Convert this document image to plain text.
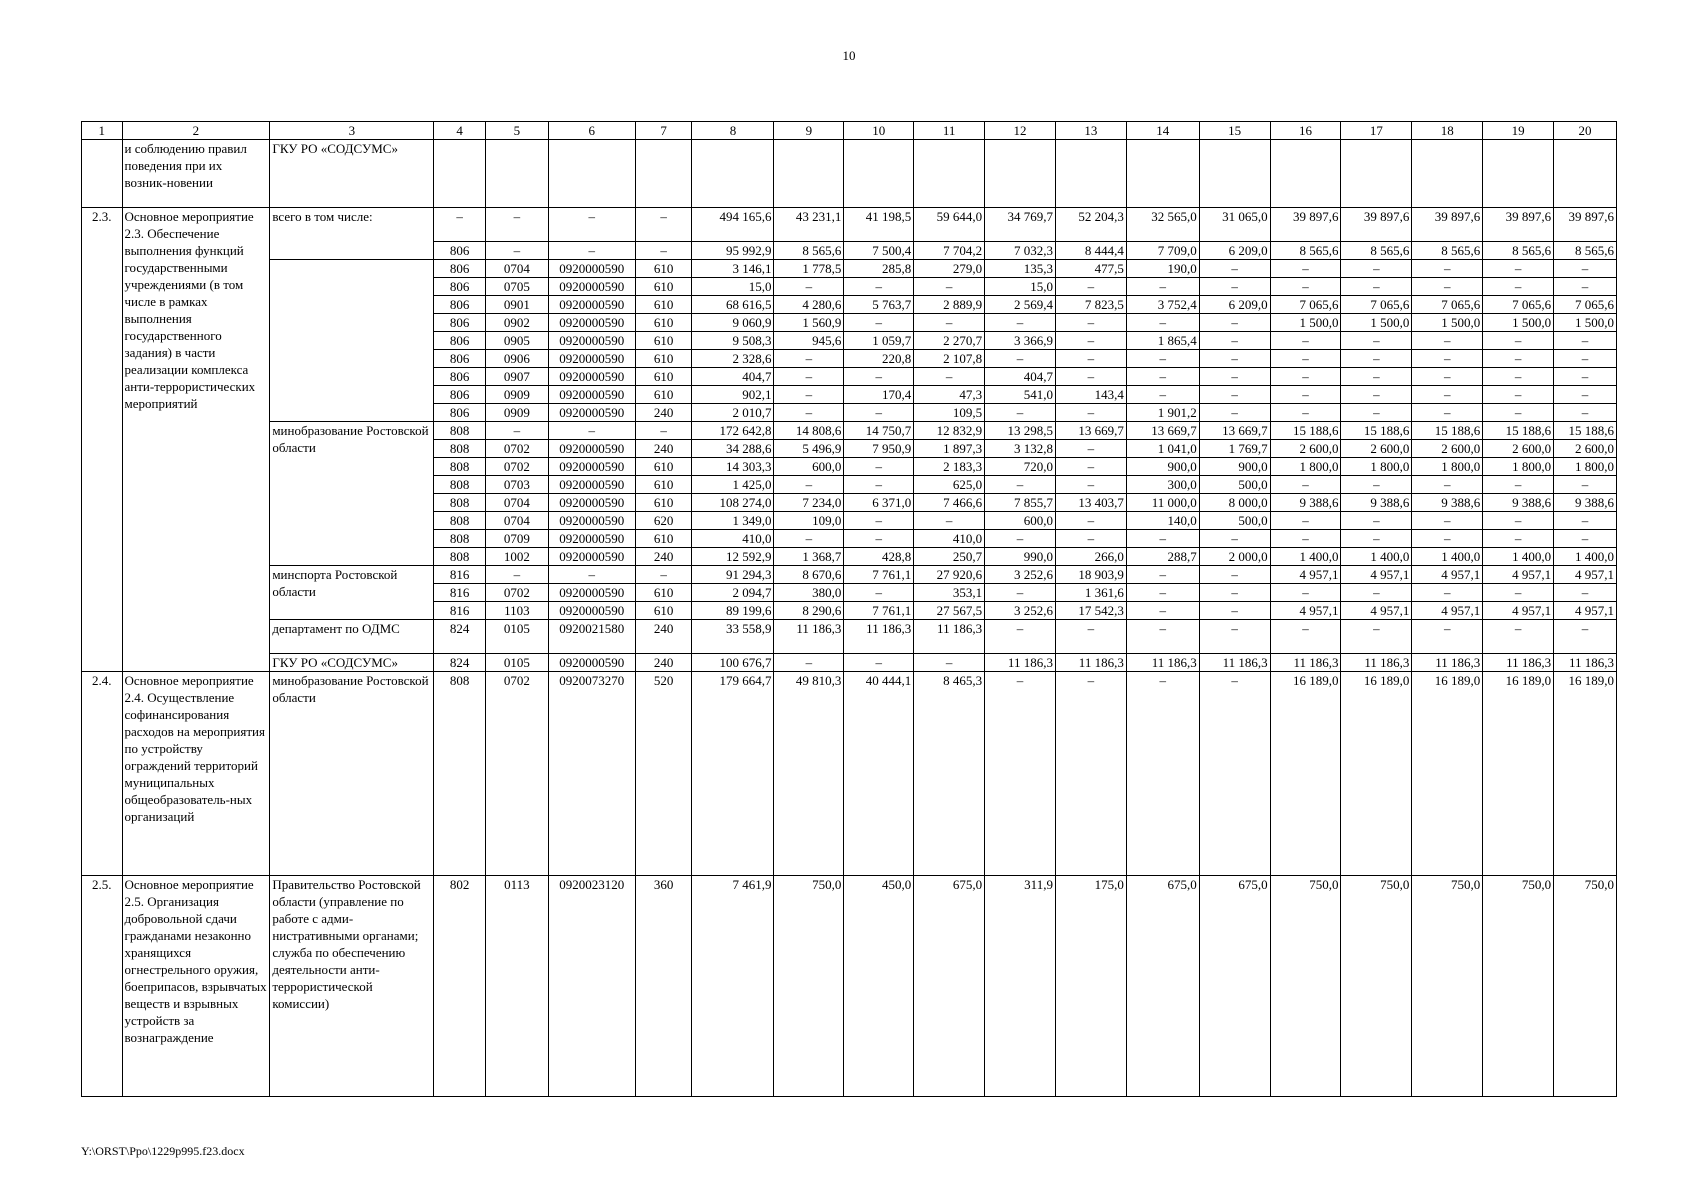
10
1	2	3	4	5	6	7	8	9	10	11	12	13	14	15	16	17	18	19	20
	и соблюдению правил поведения при их возник-новении	ГКУ РО «СОДСУМС»																	
2.3.	Основное мероприятие 2.3. Обеспечение выполнения функций государственными учреждениями (в том числе в рамках выполнения государственного задания) в части реализации комплекса анти-террористических мероприятий	всего в том числе:	–	–	–	–	494 165,6	43 231,1	41 198,5	59 644,0	34 769,7	52 204,3	32 565,0	31 065,0	39 897,6	39 897,6	39 897,6	39 897,6	39 897,6
			806	–	–	–	95 992,9	8 565,6	7 500,4	7 704,2	7 032,3	8 444,4	7 709,0	6 209,0	8 565,6	8 565,6	8 565,6	8 565,6	8 565,6
			806	0704	0920000590	610	3 146,1	1 778,5	285,8	279,0	135,3	477,5	190,0	–	–	–	–	–	–
			806	0705	0920000590	610	15,0	–	–	–	15,0	–	–	–	–	–	–	–	–
			806	0901	0920000590	610	68 616,5	4 280,6	5 763,7	2 889,9	2 569,4	7 823,5	3 752,4	6 209,0	7 065,6	7 065,6	7 065,6	7 065,6	7 065,6
			806	0902	0920000590	610	9 060,9	1 560,9	–	–	–	–	–	–	1 500,0	1 500,0	1 500,0	1 500,0	1 500,0
			806	0905	0920000590	610	9 508,3	945,6	1 059,7	2 270,7	3 366,9	–	1 865,4	–	–	–	–	–	–
			806	0906	0920000590	610	2 328,6	–	220,8	2 107,8	–	–	–	–	–	–	–	–	–
			806	0907	0920000590	610	404,7	–	–	–	404,7	–	–	–	–	–	–	–	–
			806	0909	0920000590	610	902,1	–	170,4	47,3	541,0	143,4	–	–	–	–	–	–	–
			806	0909	0920000590	240	2 010,7	–	–	109,5	–	–	1 901,2	–	–	–	–	–	–
		минобразование Ростовской области	808	–	–	–	172 642,8	14 808,6	14 750,7	12 832,9	13 298,5	13 669,7	13 669,7	13 669,7	15 188,6	15 188,6	15 188,6	15 188,6	15 188,6
			808	0702	0920000590	240	34 288,6	5 496,9	7 950,9	1 897,3	3 132,8	–	1 041,0	1 769,7	2 600,0	2 600,0	2 600,0	2 600,0	2 600,0
			808	0702	0920000590	610	14 303,3	600,0	–	2 183,3	720,0	–	900,0	900,0	1 800,0	1 800,0	1 800,0	1 800,0	1 800,0
			808	0703	0920000590	610	1 425,0	–	–	625,0	–	–	300,0	500,0	–	–	–	–	–
			808	0704	0920000590	610	108 274,0	7 234,0	6 371,0	7 466,6	7 855,7	13 403,7	11 000,0	8 000,0	9 388,6	9 388,6	9 388,6	9 388,6	9 388,6
			808	0704	0920000590	620	1 349,0	109,0	–	–	600,0	–	140,0	500,0	–	–	–	–	–
			808	0709	0920000590	610	410,0	–	–	410,0	–	–	–	–	–	–	–	–	–
			808	1002	0920000590	240	12 592,9	1 368,7	428,8	250,7	990,0	266,0	288,7	2 000,0	1 400,0	1 400,0	1 400,0	1 400,0	1 400,0
		минспорта Ростовской области	816	–	–	–	91 294,3	8 670,6	7 761,1	27 920,6	3 252,6	18 903,9	–	–	4 957,1	4 957,1	4 957,1	4 957,1	4 957,1
			816	0702	0920000590	610	2 094,7	380,0	–	353,1	–	1 361,6	–	–	–	–	–	–	–
			816	1103	0920000590	610	89 199,6	8 290,6	7 761,1	27 567,5	3 252,6	17 542,3	–	–	4 957,1	4 957,1	4 957,1	4 957,1	4 957,1
		департамент по ОДМС	824	0105	0920021580	240	33 558,9	11 186,3	11 186,3	11 186,3	–	–	–	–	–	–	–	–	–
		ГКУ РО «СОДСУМС»	824	0105	0920000590	240	100 676,7	–	–	–	11 186,3	11 186,3	11 186,3	11 186,3	11 186,3	11 186,3	11 186,3	11 186,3	11 186,3
2.4.	Основное мероприятие 2.4. Осуществление софинансирования расходов на мероприятия по устройству ограждений территорий муниципальных общеобразователь-ных организаций	минобразование Ростовской области	808	0702	0920073270	520	179 664,7	49 810,3	40 444,1	8 465,3	–	–	–	–	16 189,0	16 189,0	16 189,0	16 189,0	16 189,0
2.5.	Основное мероприятие 2.5. Организация добровольной сдачи гражданами незаконно хранящихся огнестрельного оружия, боеприпасов, взрывчатых веществ и взрывных устройств за вознаграждение	Правительство Ростовской области (управление по работе с адми-нистративными органами; служба по обеспечению деятельности анти-террористической комиссии)	802	0113	0920023120	360	7 461,9	750,0	450,0	675,0	311,9	175,0	675,0	675,0	750,0	750,0	750,0	750,0	750,0
Y:\ORST\Ppo\1229p995.f23.docx
